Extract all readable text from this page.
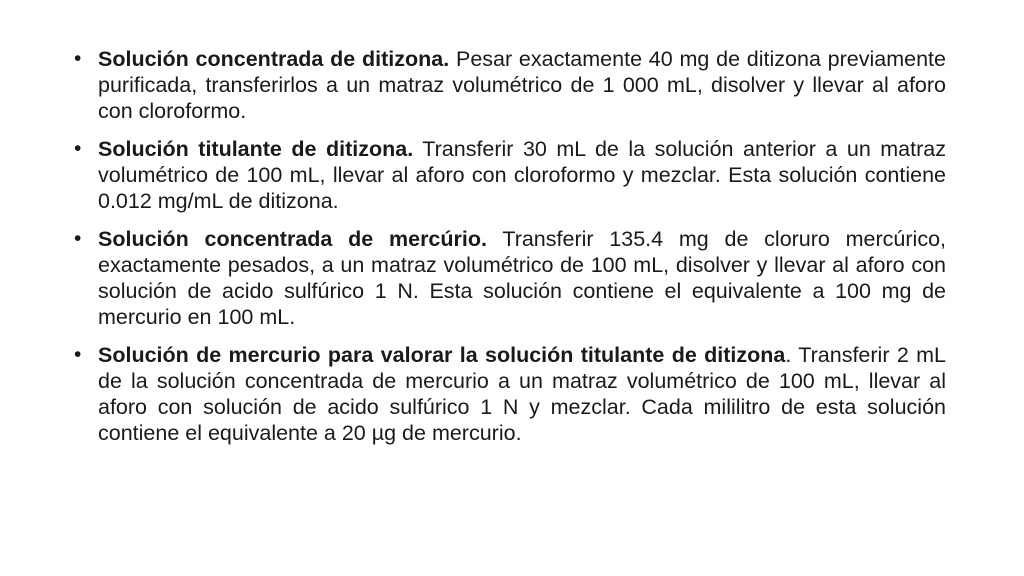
• Solución concentrada de ditizona. Pesar exactamente 40 mg de ditizona previamente purificada, transferirlos a un matraz volumétrico de 1 000 mL, disolver y llevar al aforo con cloroformo.
• Solución titulante de ditizona. Transferir 30 mL de la solución anterior a un matraz volumétrico de 100 mL, llevar al aforo con cloroformo y mezclar. Esta solución contiene 0.012 mg/mL de ditizona.
• Solución concentrada de mercúrio. Transferir 135.4 mg de cloruro mercúrico, exactamente pesados, a un matraz volumétrico de 100 mL, disolver y llevar al aforo con solución de acido sulfúrico 1 N. Esta solución contiene el equivalente a 100 mg de mercurio en 100 mL.
• Solución de mercurio para valorar la solución titulante de ditizona. Transferir 2 mL de la solución concentrada de mercurio a un matraz volumétrico de 100 mL, llevar al aforo con solución de acido sulfúrico 1 N y mezclar. Cada mililitro de esta solución contiene el equivalente a 20 µg de mercurio.
